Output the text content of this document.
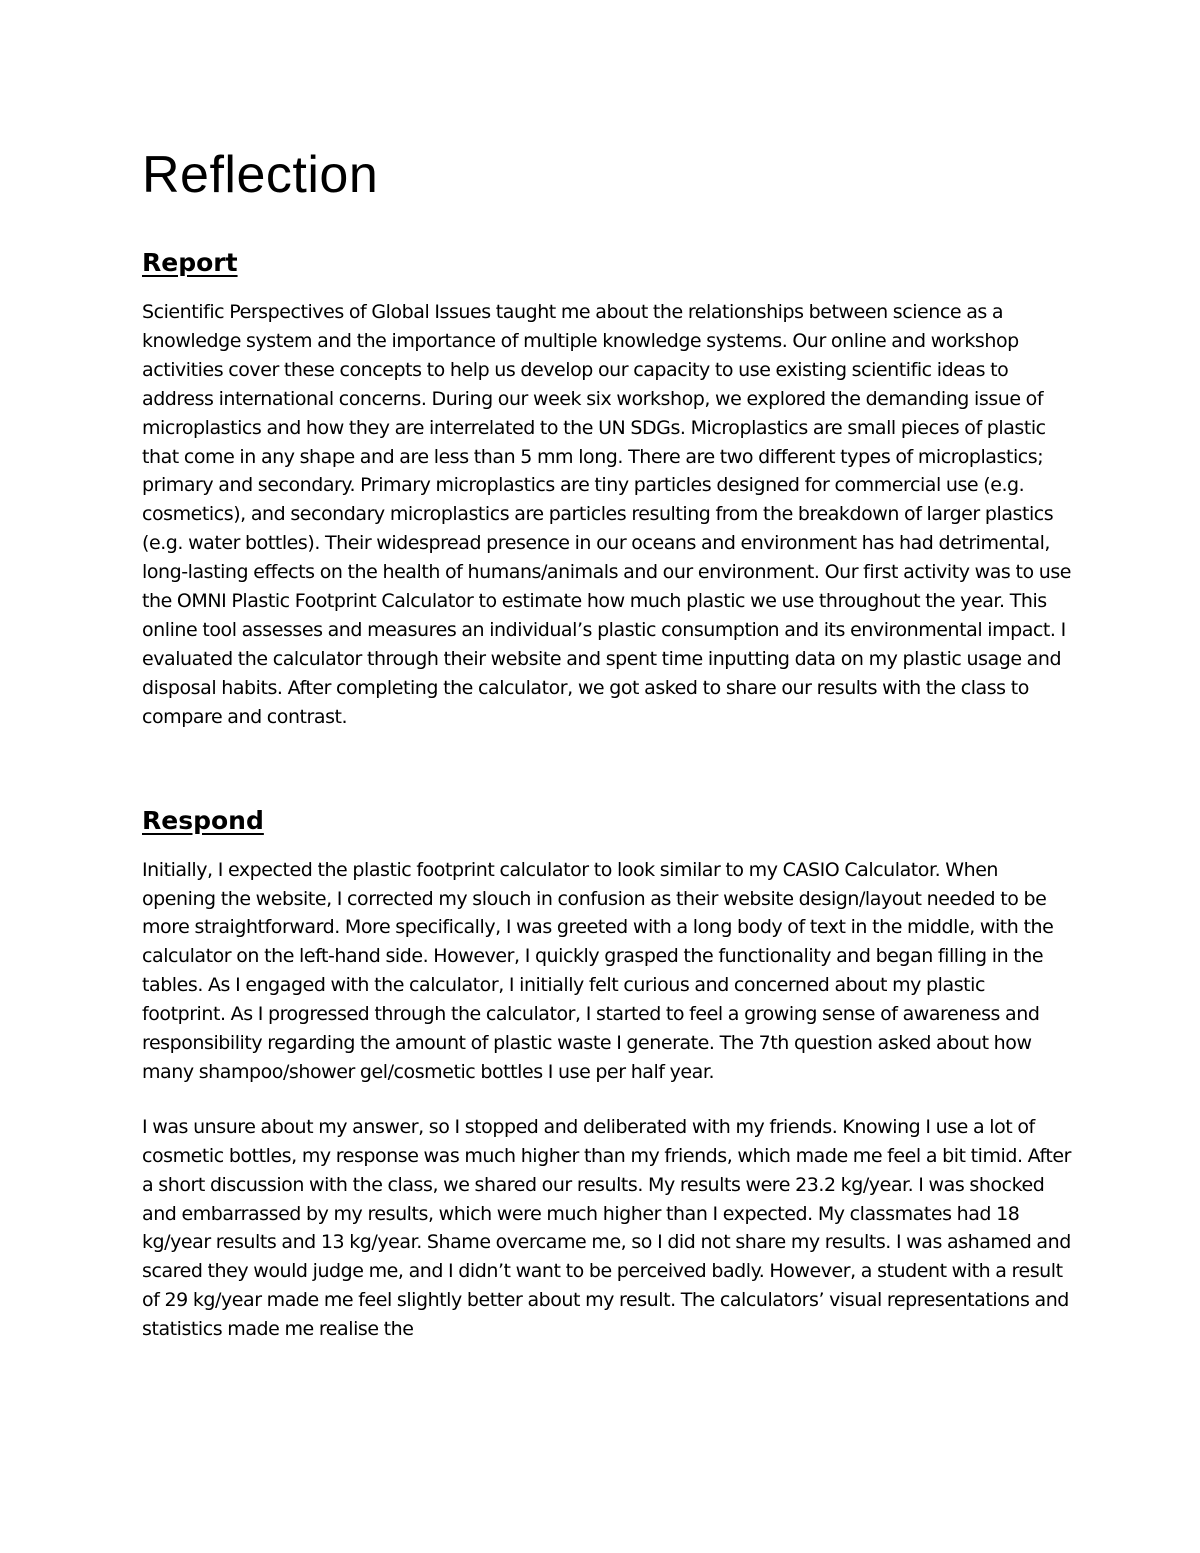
Reflection
Report

Scientific Perspectives of Global Issues taught me about the relationships between science as a knowledge system and the importance of multiple knowledge systems. Our online and workshop activities cover these concepts to help us develop our capacity to use existing scientific ideas to address international concerns. During our week six workshop, we explored the demanding issue of microplastics and how they are interrelated to the UN SDGs. Microplastics are small pieces of plastic that come in any shape and are less than 5 mm long. There are two different types of microplastics; primary and secondary. Primary microplastics are tiny particles designed for commercial use (e.g. cosmetics), and secondary microplastics are particles resulting from the breakdown of larger plastics (e.g. water bottles). Their widespread presence in our oceans and environment has had detrimental, long-lasting effects on the health of humans/animals and our environment. Our first activity was to use the OMNI Plastic Footprint Calculator to estimate how much plastic we use throughout the year. This online tool assesses and measures an individual’s plastic consumption and its environmental impact. I evaluated the calculator through their website and spent time inputting data on my plastic usage and disposal habits. After completing the calculator, we got asked to share our results with the class to compare and contrast.

Respond

Initially, I expected the plastic footprint calculator to look similar to my CASIO Calculator. When opening the website, I corrected my slouch in confusion as their website design/layout needed to be more straightforward. More specifically, I was greeted with a long body of text in the middle, with the calculator on the left-hand side. However, I quickly grasped the functionality and began filling in the tables. As I engaged with the calculator, I initially felt curious and concerned about my plastic footprint. As I progressed through the calculator, I started to feel a growing sense of awareness and responsibility regarding the amount of plastic waste I generate. The 7th question asked about how many shampoo/shower gel/cosmetic bottles I use per half year.

I was unsure about my answer, so I stopped and deliberated with my friends. Knowing I use a lot of cosmetic bottles, my response was much higher than my friends, which made me feel a bit timid. After a short discussion with the class, we shared our results. My results were 23.2 kg/year. I was shocked and embarrassed by my results, which were much higher than I expected. My classmates had 18 kg/year results and 13 kg/year. Shame overcame me, so I did not share my results. I was ashamed and scared they would judge me, and I didn’t want to be perceived badly. However, a student with a result of 29 kg/year made me feel slightly better about my result. The calculators’ visual representations and statistics made me realise the
